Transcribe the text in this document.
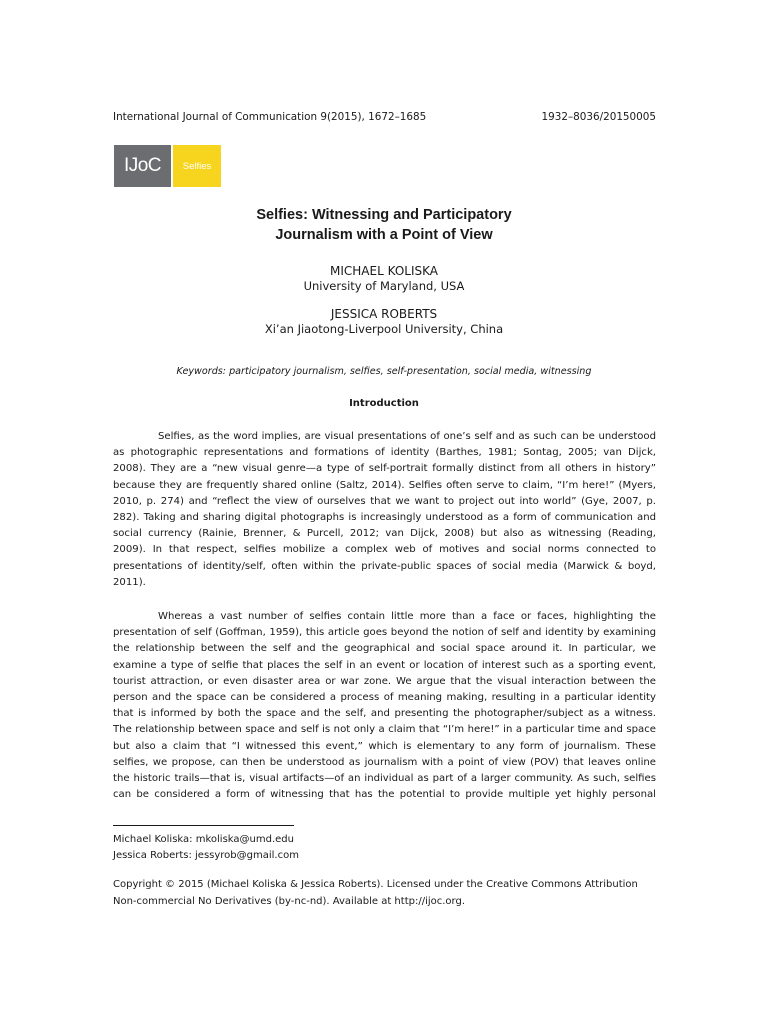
International Journal of Communication 9(2015), 1672–1685	1932–8036/20150005
IJoC	Selfies
Selfies: Witnessing and Participatory
Journalism with a Point of View
MICHAEL KOLISKA
University of Maryland, USA
JESSICA ROBERTS
Xi’an Jiaotong-Liverpool University, China
Keywords: participatory journalism, selfies, self-presentation, social media, witnessing
Introduction
Selfies, as the word implies, are visual presentations of one’s self and as such can be understood
as photographic representations and formations of identity (Barthes, 1981; Sontag, 2005; van Dijck,
2008). They are a “new visual genre—a type of self-portrait formally distinct from all others in history”
because they are frequently shared online (Saltz, 2014). Selfies often serve to claim, “I’m here!” (Myers,
2010, p. 274) and “reflect the view of ourselves that we want to project out into world” (Gye, 2007, p.
282). Taking and sharing digital photographs is increasingly understood as a form of communication and
social currency (Rainie, Brenner, & Purcell, 2012; van Dijck, 2008) but also as witnessing (Reading,
2009). In that respect, selfies mobilize a complex web of motives and social norms connected to
presentations of identity/self, often within the private-public spaces of social media (Marwick & boyd,
2011).
Whereas a vast number of selfies contain little more than a face or faces, highlighting the
presentation of self (Goffman, 1959), this article goes beyond the notion of self and identity by examining
the relationship between the self and the geographical and social space around it. In particular, we
examine a type of selfie that places the self in an event or location of interest such as a sporting event,
tourist attraction, or even disaster area or war zone. We argue that the visual interaction between the
person and the space can be considered a process of meaning making, resulting in a particular identity
that is informed by both the space and the self, and presenting the photographer/subject as a witness.
The relationship between space and self is not only a claim that “I’m here!” in a particular time and space
but also a claim that “I witnessed this event,” which is elementary to any form of journalism. These
selfies, we propose, can then be understood as journalism with a point of view (POV) that leaves online
the historic trails—that is, visual artifacts—of an individual as part of a larger community. As such, selfies
can be considered a form of witnessing that has the potential to provide multiple yet highly personal
Michael Koliska: mkoliska@umd.edu
Jessica Roberts: jessyrob@gmail.com
Copyright © 2015 (Michael Koliska & Jessica Roberts). Licensed under the Creative Commons Attribution
Non-commercial No Derivatives (by-nc-nd). Available at http://ijoc.org.
